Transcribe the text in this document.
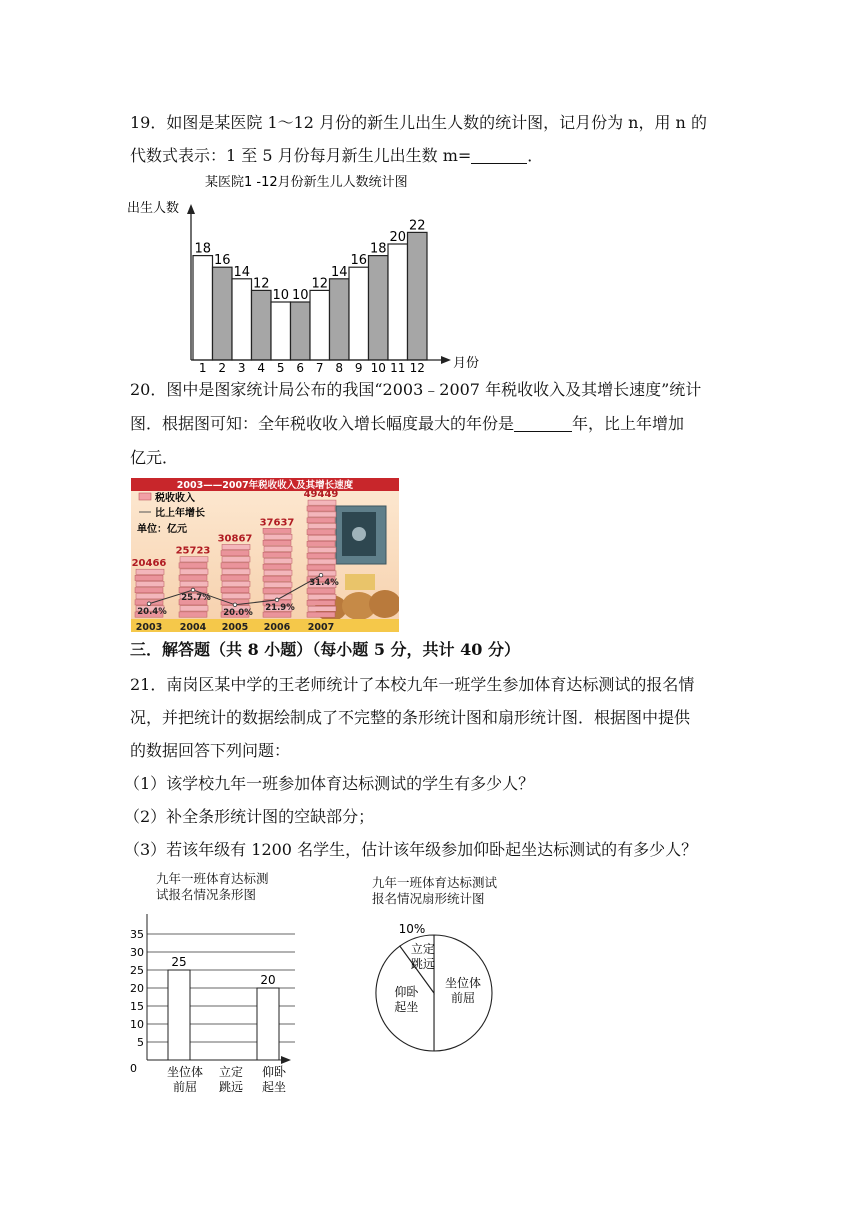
19．如图是某医院 1～12 月份的新生儿出生人数的统计图，记月份为 n，用 n 的
代数式表示：1 至 5 月份每月新生儿出生数 m=	．
某医院1 -12月份新生儿人数统计图
出生人数
月份
18
16
14
12
10 10
12
14
16
18
20
22
1 2 3 4 5 6 7 8 9 10 11 12
20．图中是图家统计局公布的我国“2003﹣2007 年税收收入及其增长速度”统计
图．根据图可知：全年税收收入增长幅度最大的年份是	年，比上年增加
亿元．
2003——2007年税收收入及其增长速度
税收收入
比上年增长
单位：亿元
20466
20.4%
25723
25.7%
30867
20.0%
37637
21.9%
49449
31.4%
2003 2004 2005 2006 2007
三．解答题（共 8 小题）（每小题 5 分，共计 40 分）
21．南岗区某中学的王老师统计了本校九年一班学生参加体育达标测试的报名情
况，并把统计的数据绘制成了不完整的条形统计图和扇形统计图．根据图中提供
的数据回答下列问题：
（1）该学校九年一班参加体育达标测试的学生有多少人？
（2）补全条形统计图的空缺部分；
（3）若该年级有 1200 名学生，估计该年级参加仰卧起坐达标测试的有多少人？
九年一班体育达标测
试报名情况条形图
0
5
10
15
20
25
30
35
25
坐位体
前屈
立定
跳远
20
仰卧
起坐
九年一班体育达标测试
报名情况扇形统计图
坐位体
前屈
仰卧
起坐
立定
跳远
10%
